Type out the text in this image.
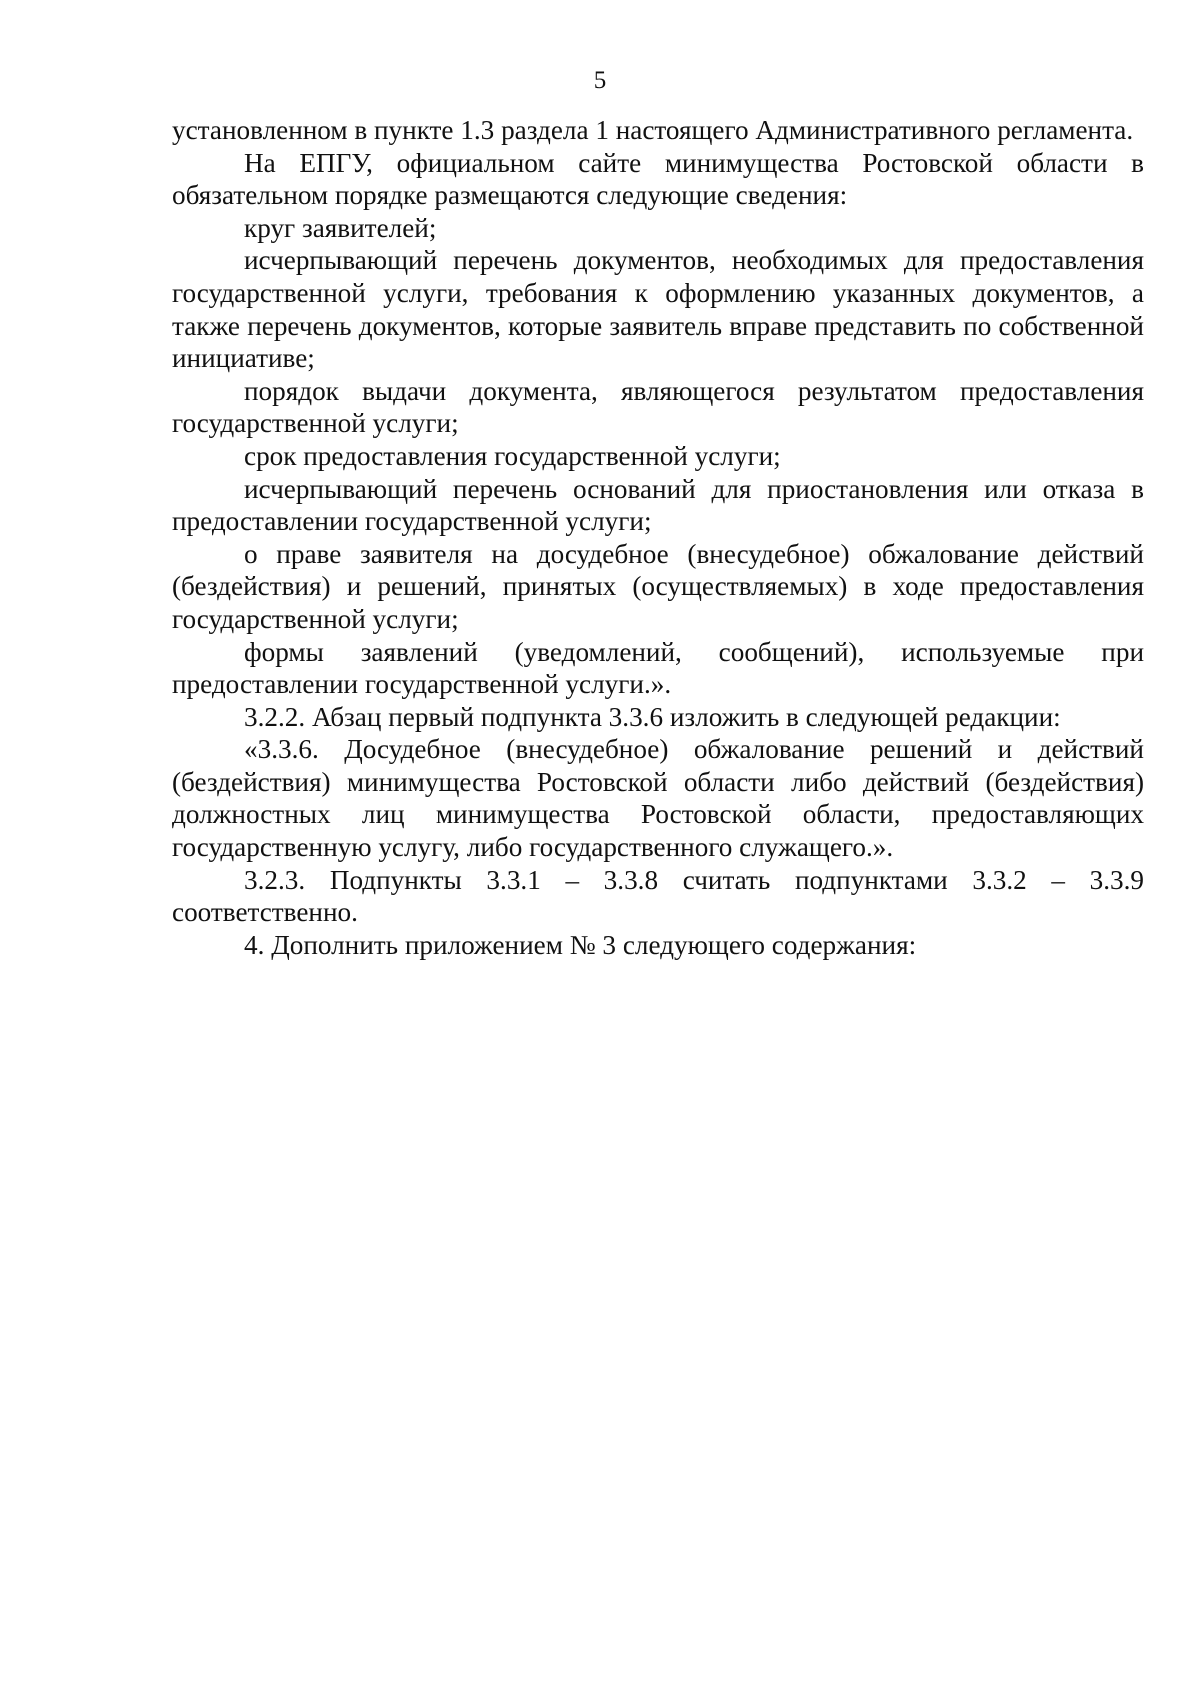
5

установленном в пункте 1.3 раздела 1 настоящего Административного регламента.

На ЕПГУ, официальном сайте минимущества Ростовской области в обязательном порядке размещаются следующие сведения:

круг заявителей;

исчерпывающий перечень документов, необходимых для предоставления государственной услуги, требования к оформлению указанных документов, а также перечень документов, которые заявитель вправе представить по собственной инициативе;

порядок выдачи документа, являющегося результатом предоставления государственной услуги;

срок предоставления государственной услуги;

исчерпывающий перечень оснований для приостановления или отказа в предоставлении государственной услуги;

о праве заявителя на досудебное (внесудебное) обжалование действий (бездействия) и решений, принятых (осуществляемых) в ходе предоставления государственной услуги;

формы заявлений (уведомлений, сообщений), используемые при предоставлении государственной услуги.».

3.2.2. Абзац первый подпункта 3.3.6 изложить в следующей редакции:

«3.3.6. Досудебное (внесудебное) обжалование решений и действий (бездействия) минимущества Ростовской области либо действий (бездействия) должностных лиц минимущества Ростовской области, предоставляющих государственную услугу, либо государственного служащего.».

3.2.3. Подпункты 3.3.1 – 3.3.8 считать подпунктами 3.3.2 – 3.3.9 соответственно.

4. Дополнить приложением № 3 следующего содержания:
